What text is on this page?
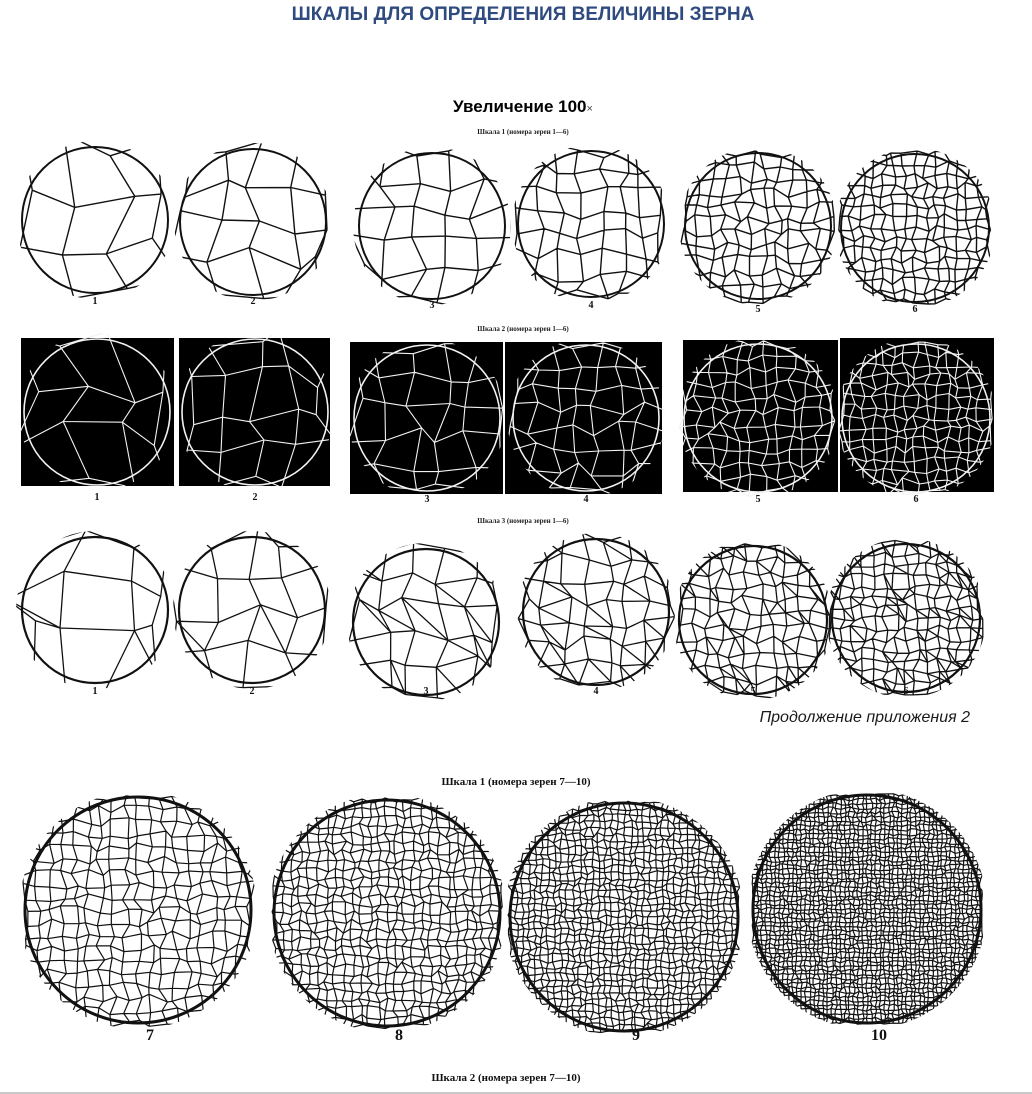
ШКАЛЫ ДЛЯ ОПРЕДЕЛЕНИЯ ВЕЛИЧИНЫ ЗЕРНА
Увеличение 100×
Шкала 1 (номера зерен 1—6)
Шкала 2 (номера зерен 1—6)
Шкала 3 (номера зерен 1—6)
1	2	3	4	5	6
1	2	3	4	5	6
1	2	3	4	5	6
Продолжение приложения 2
Шкала 1 (номера зерен 7—10)
7	8	9	10
Шкала 2 (номера зерен 7—10)
